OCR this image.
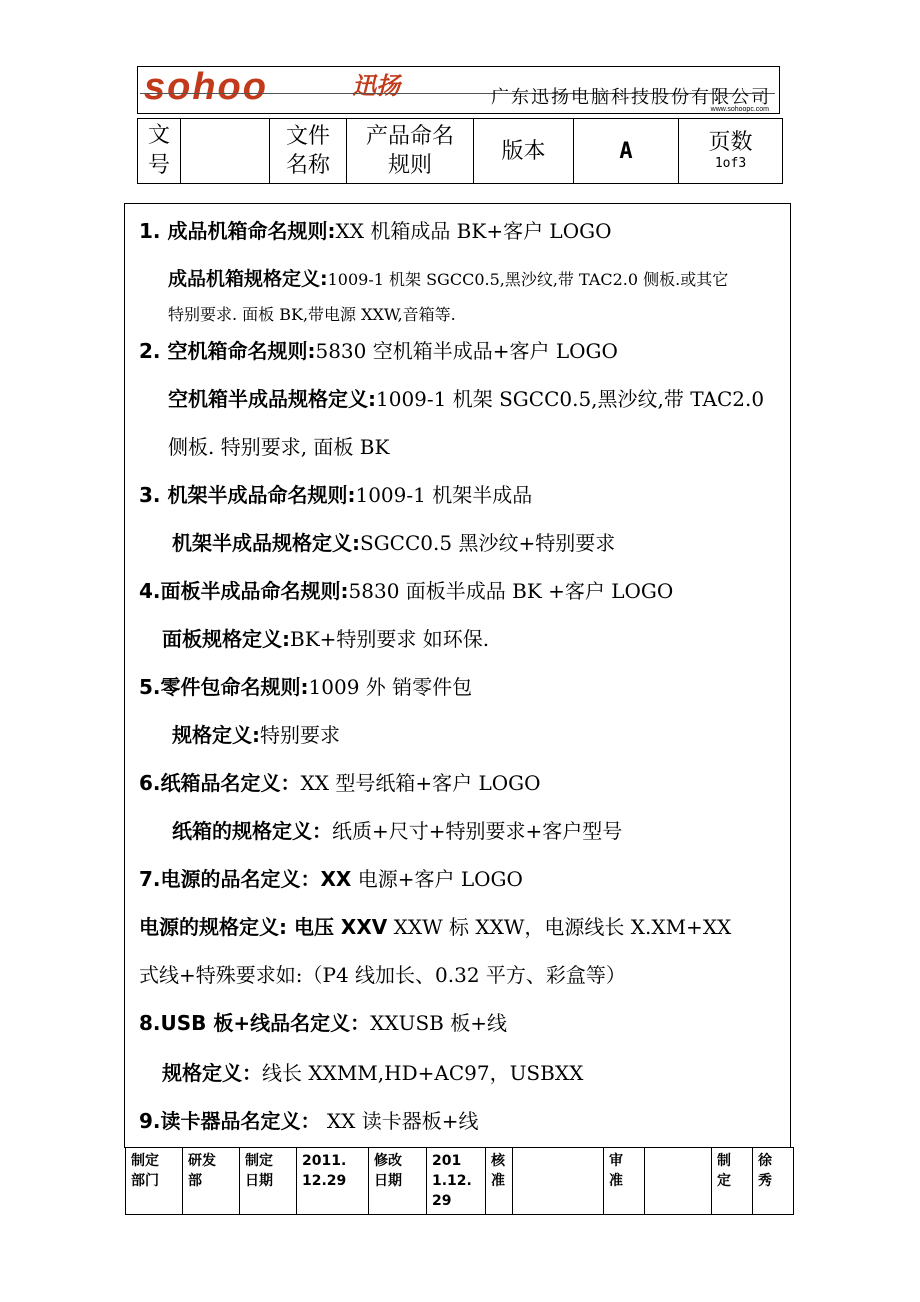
sohoo	迅扬	广东迅扬电脑科技股份有限公司
www.sohoopc.com
文号		文件名称	产品命名规则	版本	A	页数
1of3
1. 成品机箱命名规则:XX 机箱成品 BK+客户 LOGO
成品机箱规格定义:1009-1 机架 SGCC0.5,黑沙纹,带 TAC2.0 侧板.或其它
特别要求. 面板 BK,带电源 XXW,音箱等.
2. 空机箱命名规则:5830 空机箱半成品+客户 LOGO
空机箱半成品规格定义:1009-1 机架 SGCC0.5,黑沙纹,带 TAC2.0
侧板. 特别要求, 面板 BK
3. 机架半成品命名规则:1009-1 机架半成品
机架半成品规格定义:SGCC0.5 黑沙纹+特别要求
4.面板半成品命名规则:5830 面板半成品 BK +客户 LOGO
面板规格定义:BK+特别要求 如环保.
5.零件包命名规则:1009 外 销零件包
规格定义:特别要求
6.纸箱品名定义：XX 型号纸箱+客户 LOGO
纸箱的规格定义：纸质+尺寸+特别要求+客户型号
7.电源的品名定义：XX 电源+客户 LOGO
电源的规格定义: 电压 XXV XXW 标 XXW，电源线长 X.XM+XX
式线+特殊要求如:（P4 线加长、0.32 平方、彩盒等）
8.USB 板+线品名定义：XXUSB 板+线
规格定义：线长 XXMM,HD+AC97，USBXX
9.读卡器品名定义： XX 读卡器板+线
制定部门	研发部	制定日期	2011.12.29	修改日期	2011.12.29	核准		审准		制定	徐秀
